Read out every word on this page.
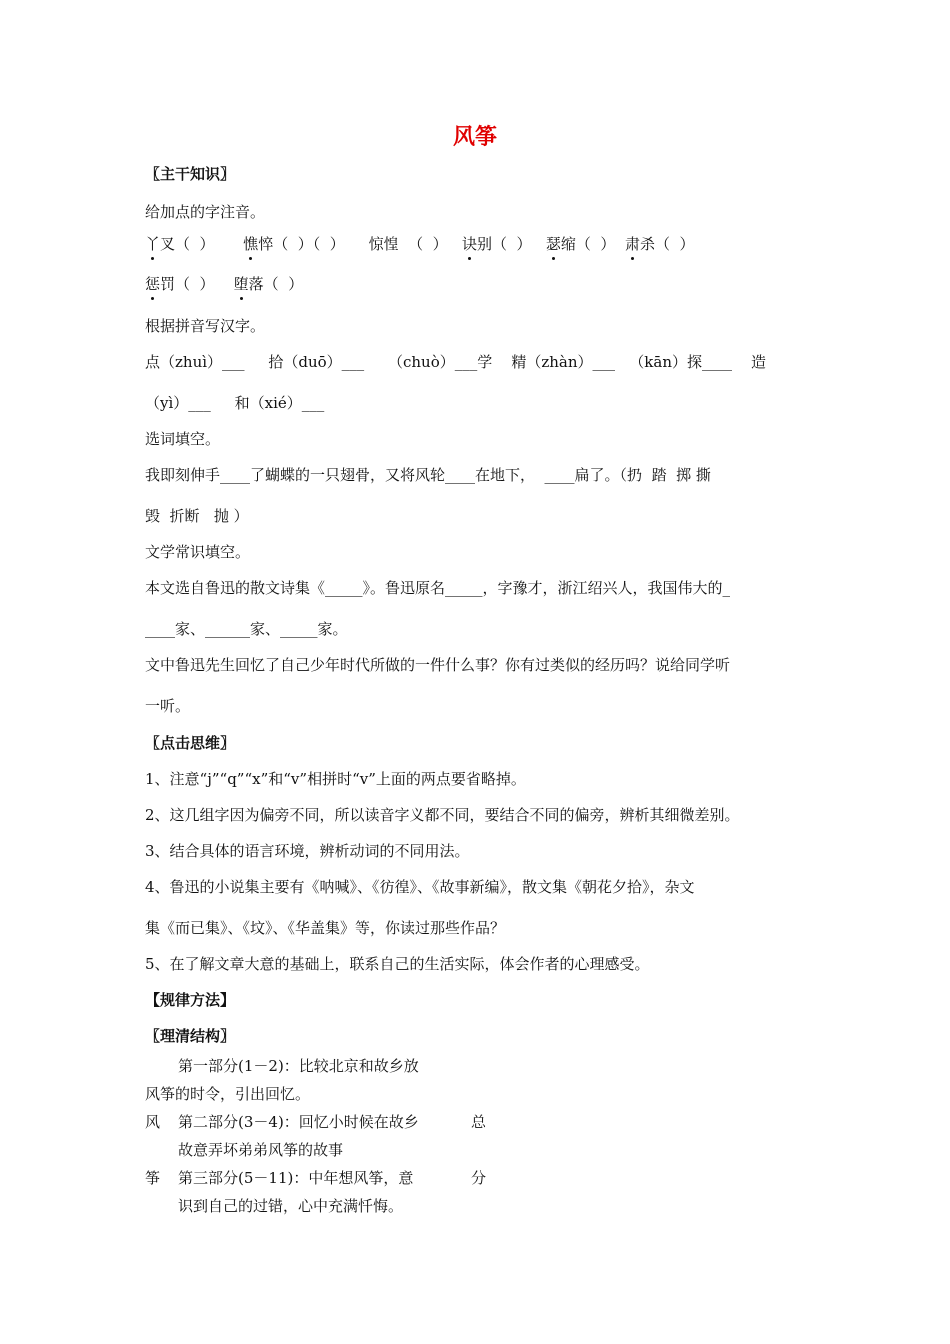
风筝
〖主干知识〗
给加点的字注音。
丫叉（  ） 憔悴（  ）（  ） 惊惶  （  ） 诀别（  ） 瑟缩（  ） 肃杀（  ）
惩罚（  ） 堕落（  ）
根据拼音写汉字。
点（zhuì）___     拾（duō）___     （chuò）___学    精（zhàn）___   （kān）探____    造
（yì）___     和（xié）___
选词填空。
我即刻伸手____了蝴蝶的一只翅骨，又将风轮____在地下，  ____扁了。（扔  踏  掷 撕
毁  折断   抛 ）
文学常识填空。
本文选自鲁迅的散文诗集《_____》。鲁迅原名_____，字豫才，浙江绍兴人，我国伟大的_
____家、______家、_____家。
文中鲁迅先生回忆了自己少年时代所做的一件什么事？你有过类似的经历吗？说给同学听
一听。
〖点击思维〗
1、注意“j”“q”“x”和“v”相拼时“v”上面的两点要省略掉。
2、这几组字因为偏旁不同，所以读音字义都不同，要结合不同的偏旁，辨析其细微差别。
3、结合具体的语言环境，辨析动词的不同用法。
4、鲁迅的小说集主要有《呐喊》、《彷徨》、《故事新编》，散文集《朝花夕拾》，杂文
集《而已集》、《坟》、《华盖集》等，你读过那些作品？
5、在了解文章大意的基础上，联系自己的生活实际，体会作者的心理感受。
【规律方法】
〖理清结构〗
第一部分(1－2)：比较北京和故乡放
风筝的时令，引出回忆。
风 第二部分(3－4)：回忆小时候在故乡	总
故意弄坏弟弟风筝的故事
筝 第三部分(5－11)：中年想风筝，意	分
识到自己的过错，心中充满忏悔。
